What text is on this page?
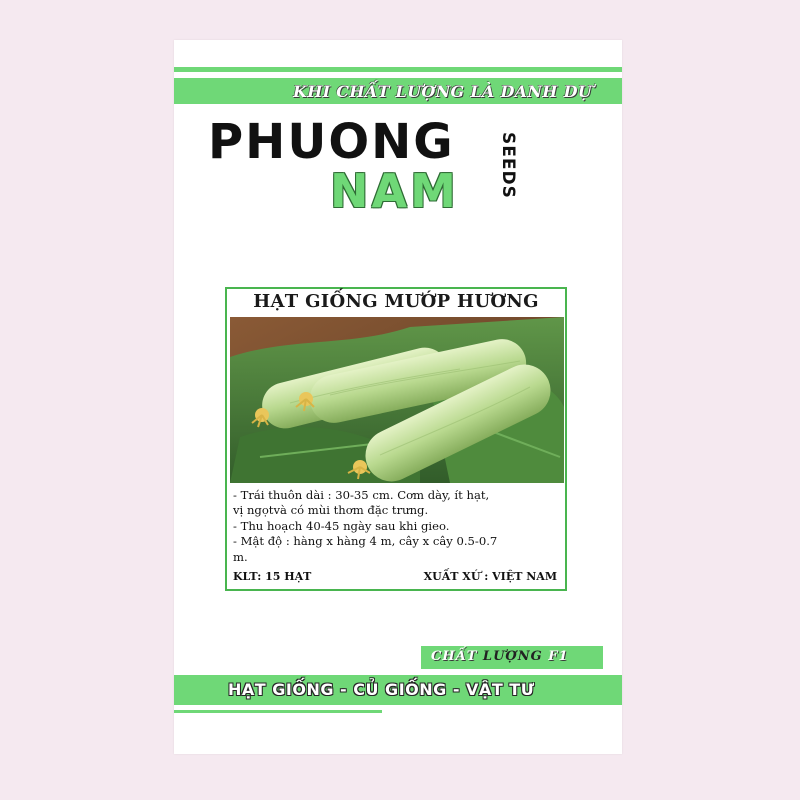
KHI CHẤT LƯỢNG LÀ DANH DỰ
PHUONG
NAM SEEDS
HẠT GIỐNG MƯỚP HƯƠNG
- Trái thuôn dài : 30-35 cm. Cơm dày, ít hạt,
vị ngọtvà có mùi thơm đặc trưng.
- Thu hoạch 40-45 ngày sau khi gieo.
- Mật độ : hàng x hàng 4 m, cây x cây 0.5-0.7
m.
KLT: 15 HẠT	XUẤT XỨ : VIỆT NAM
CHẤT LƯỢNG F1
HẠT GIỐNG - CỦ GIỐNG - VẬT TƯ
